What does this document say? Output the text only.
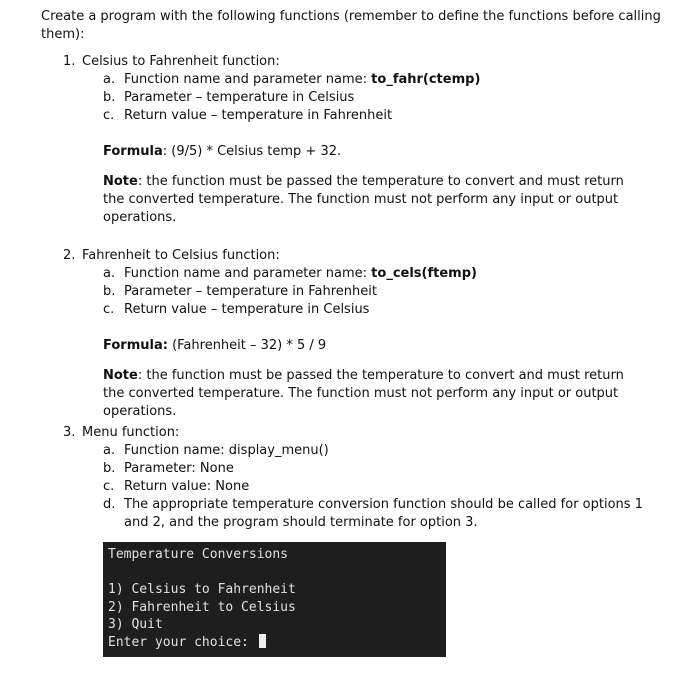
Create a program with the following functions (remember to define the functions before calling them):
1. Celsius to Fahrenheit function:
a. Function name and parameter name: to_fahr(ctemp)
b. Parameter – temperature in Celsius
c. Return value – temperature in Fahrenheit
Formula: (9/5) * Celsius temp + 32.
Note: the function must be passed the temperature to convert and must return the converted temperature. The function must not perform any input or output operations.
2. Fahrenheit to Celsius function:
a. Function name and parameter name: to_cels(ftemp)
b. Parameter – temperature in Fahrenheit
c. Return value – temperature in Celsius
Formula: (Fahrenheit – 32) * 5 / 9
Note: the function must be passed the temperature to convert and must return the converted temperature. The function must not perform any input or output operations.
3. Menu function:
a. Function name: display_menu()
b. Parameter: None
c. Return value: None
d. The appropriate temperature conversion function should be called for options 1 and 2, and the program should terminate for option 3.
Temperature Conversions
1) Celsius to Fahrenheit
2) Fahrenheit to Celsius
3) Quit
Enter your choice:
